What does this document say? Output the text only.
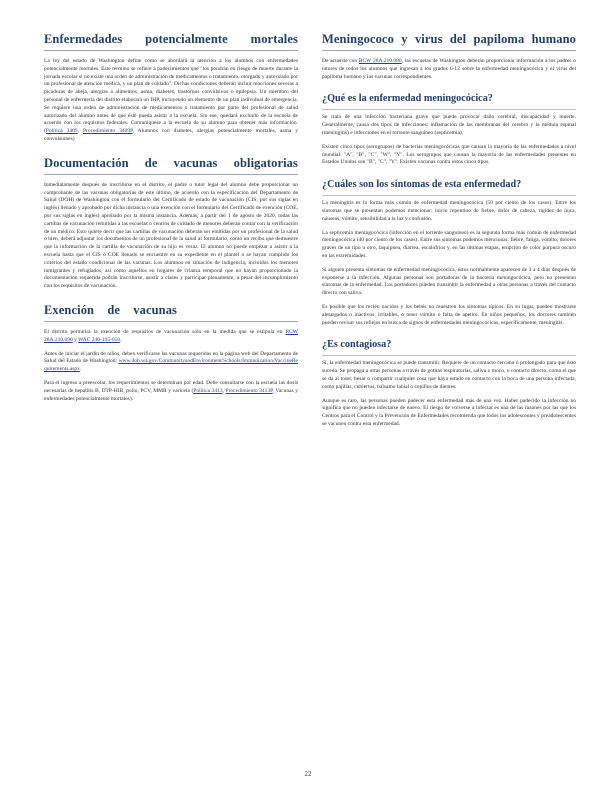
Enfermedades potencialmente mortales

La ley del estado de Washington define cómo se abordará la atención a los alumnos con enfermedades potencialmente mortales. Este término se refiere a padecimientos que "los pondrán en riesgo de muerte durante la jornada escolar si no existe una orden de administración de medicamentos o tratamiento, otorgado y autorizado por un profesional de atención médica, y un plan de cuidado". Dichas condiciones deberán incluir reacciones severas a picaduras de abeja, alergias a alimentos, asma, diabetes, trastornos convulsivos o epilepsia. Un miembro del personal de enfermería del distrito elaborará un IHP, incluyendo un elemento de un plan individual de emergencia. Se requiere una orden de administración de medicamentos o tratamiento por parte del profesional de salud autorizado del alumno antes de que éste pueda asistir a la escuela. Sin ese, quedará excluido de la escuela de acuerdo con los requisitos federales. Comuníquese a la escuela de su alumno para obtener más información. (Política 3409, Procedimiento 3409P, Alumnos con diabetes, alergias potencialmente mortales, asma y convulsiones)

Documentación de vacunas obligatorias

Inmediatamente después de inscribirse en el distrito, el padre o tutor legal del alumno debe proporcionar un comprobante de las vacunas obligatorias de este último, de acuerdo con la especificación del Departamento de Salud (DOH) de Washington con el formulario del Certificado de estado de vacunación (CIS, por sus siglas en inglés) llenado y aprobado por dicha instancia o una exención con el formulario del Certificado de exención (COE, por sus siglas en inglés) aprobado por la misma instancia. Además, a partir del 1 de agosto de 2020, todas las cartillas de vacunación remitidas a las escuelas o centros de cuidado de menores deberán contar con la verificación de un médico. Esto quiere decir que las cartillas de vacunación deberán ser emitidas por un profesional de la salud o bien, deberá adjuntar los documentos de un profesional de la salud al formulario, como un recibo que demuestre que la información de la cartilla de vacunación de su hijo es veraz. El alumno no puede empezar a asistir a la escuela hasta que el CIS o COE llenado se encuentre en su expediente en el plantel o se hayan cumplido los criterios del estado condicional de las vacunas. Los alumnos en situación de indigencia, incluidos los menores inmigrantes y refugiados, así como aquellos en hogares de crianza temporal que no hayan proporcionado la documentación requerida podrán inscribirse, asistir a clases y participar plenamente, a pesar del incumplimiento con los requisitos de vacunación.

Exención de vacunas

El distrito permitirá la exención de requisitos de vacunación sólo en la medida que se estipula en RCW 28A.210.090 y WAC 246-105-050.

Antes de iniciar el jardín de niños, deben verificarse las vacunas requeridas en la página web del Departamento de Salud del Estado de Washington: www.doh.wa.gov/CommunityandEnvironment/Schools/Immunization/VaccineRequirements.aspx.

Para el ingreso a preescolar, los requerimientos se determinan por edad. Debe consultarse con la escuela las dosis necesarias de hepatitis B, DTP-HIB, polio, PCV, MMR y varicela (Política 3413, Procedimiento 3413P, Vacunas y enfermedades potencialmente mortales).

Meningococo y virus del papiloma humano

De acuerdo con RCW 28A.210.080, las escuelas de Washington deberán proporcionar información a los padres o tutores de todos los alumnos que ingresan a los grados 6-12 sobre la enfermedad meningocócica y el virus del papiloma humano y las vacunas correspondientes.

¿Qué es la enfermedad meningocócica?

Se trata de una infección bacteriana grave que puede provocar daño cerebral, discapacidad y muerte. Generalmente, causa dos tipos de infecciones: inflamación de las membranas del cerebro y la médula espinal (meningitis) e infecciones en el torrente sanguíneo (septicemia).

Existen cinco tipos (serogrupos) de bacterias meningocócicas que causan la mayoría de las enfermedades a nivel mundial: "A", "B", "C", "W", "Y". Los serogrupos que causan la mayoría de las enfermedades presentes en Estados Unidos son "B", "C", "Y". Existen vacunas contra estos cinco tipos.

¿Cuáles son los síntomas de esta enfermedad?

La meningitis es la forma más común de enfermedad meningocócica (50 por ciento de los casos). Entre los síntomas que se presentan podemos mencionar: inicio repentino de fiebre, dolor de cabeza, rigidez de nuca, náuseas, vómito, sensibilidad a la luz y confusión.

La septicemia meningocócica (infección en el torrente sanguíneo) es la segunda forma más común de enfermedad meningocócica (40 por ciento de los casos). Entre sus síntomas podemos mencionar: fiebre, fatiga, vómito, dolores graves de un tipo u otro, taquipnea, diarrea, escalofríos y, en las últimas etapas, erupción de color púrpura oscuro en las extremidades.

Si alguien presenta síntomas de enfermedad meningocócica, éstos normalmente aparecen de 3 a 4 días después de exponerse a la infección. Algunas personas son portadoras de la bacteria meningocócica, pero no presentan síntomas de la enfermedad. Los portadores pueden transmitir la enfermedad a otras personas a través del contacto directo con saliva.

Es posible que los recién nacidos y los bebés no muestren los síntomas típicos. En su lugar, pueden mostrarse aletargados o inactivos, irritables, o tener vómito o falta de apetito. En niños pequeños, los doctores también pueden revisar sus reflejos en busca de signos de enfermedades meningocócicas, específicamente, meningitis.

¿Es contagiosa?

Sí, la enfermedad meningocócica se puede transmitir. Requiere de un contacto cercano o prolongado para que ésto suceda. Se propaga a otras personas a través de gotitas respiratorias, saliva o moco, o contacto directo, como el que se da al toser, besar o compartir cualquier cosa que haya estado en contacto con la boca de una persona infectada, como pajillas, cubiertos, bálsamo labial o cepillos de dientes.

Aunque es raro, las personas pueden padecer esta enfermedad más de una vez. Haber padecido la infección no significa que no pueden infectarse de nuevo. El riesgo de volverse a infectar es una de las razones por las que los Centros para el Control y la Prevención de Enfermedades recomienda que todos los adolescentes y preadolescentes se vacunen contra esta enfermedad.

22
